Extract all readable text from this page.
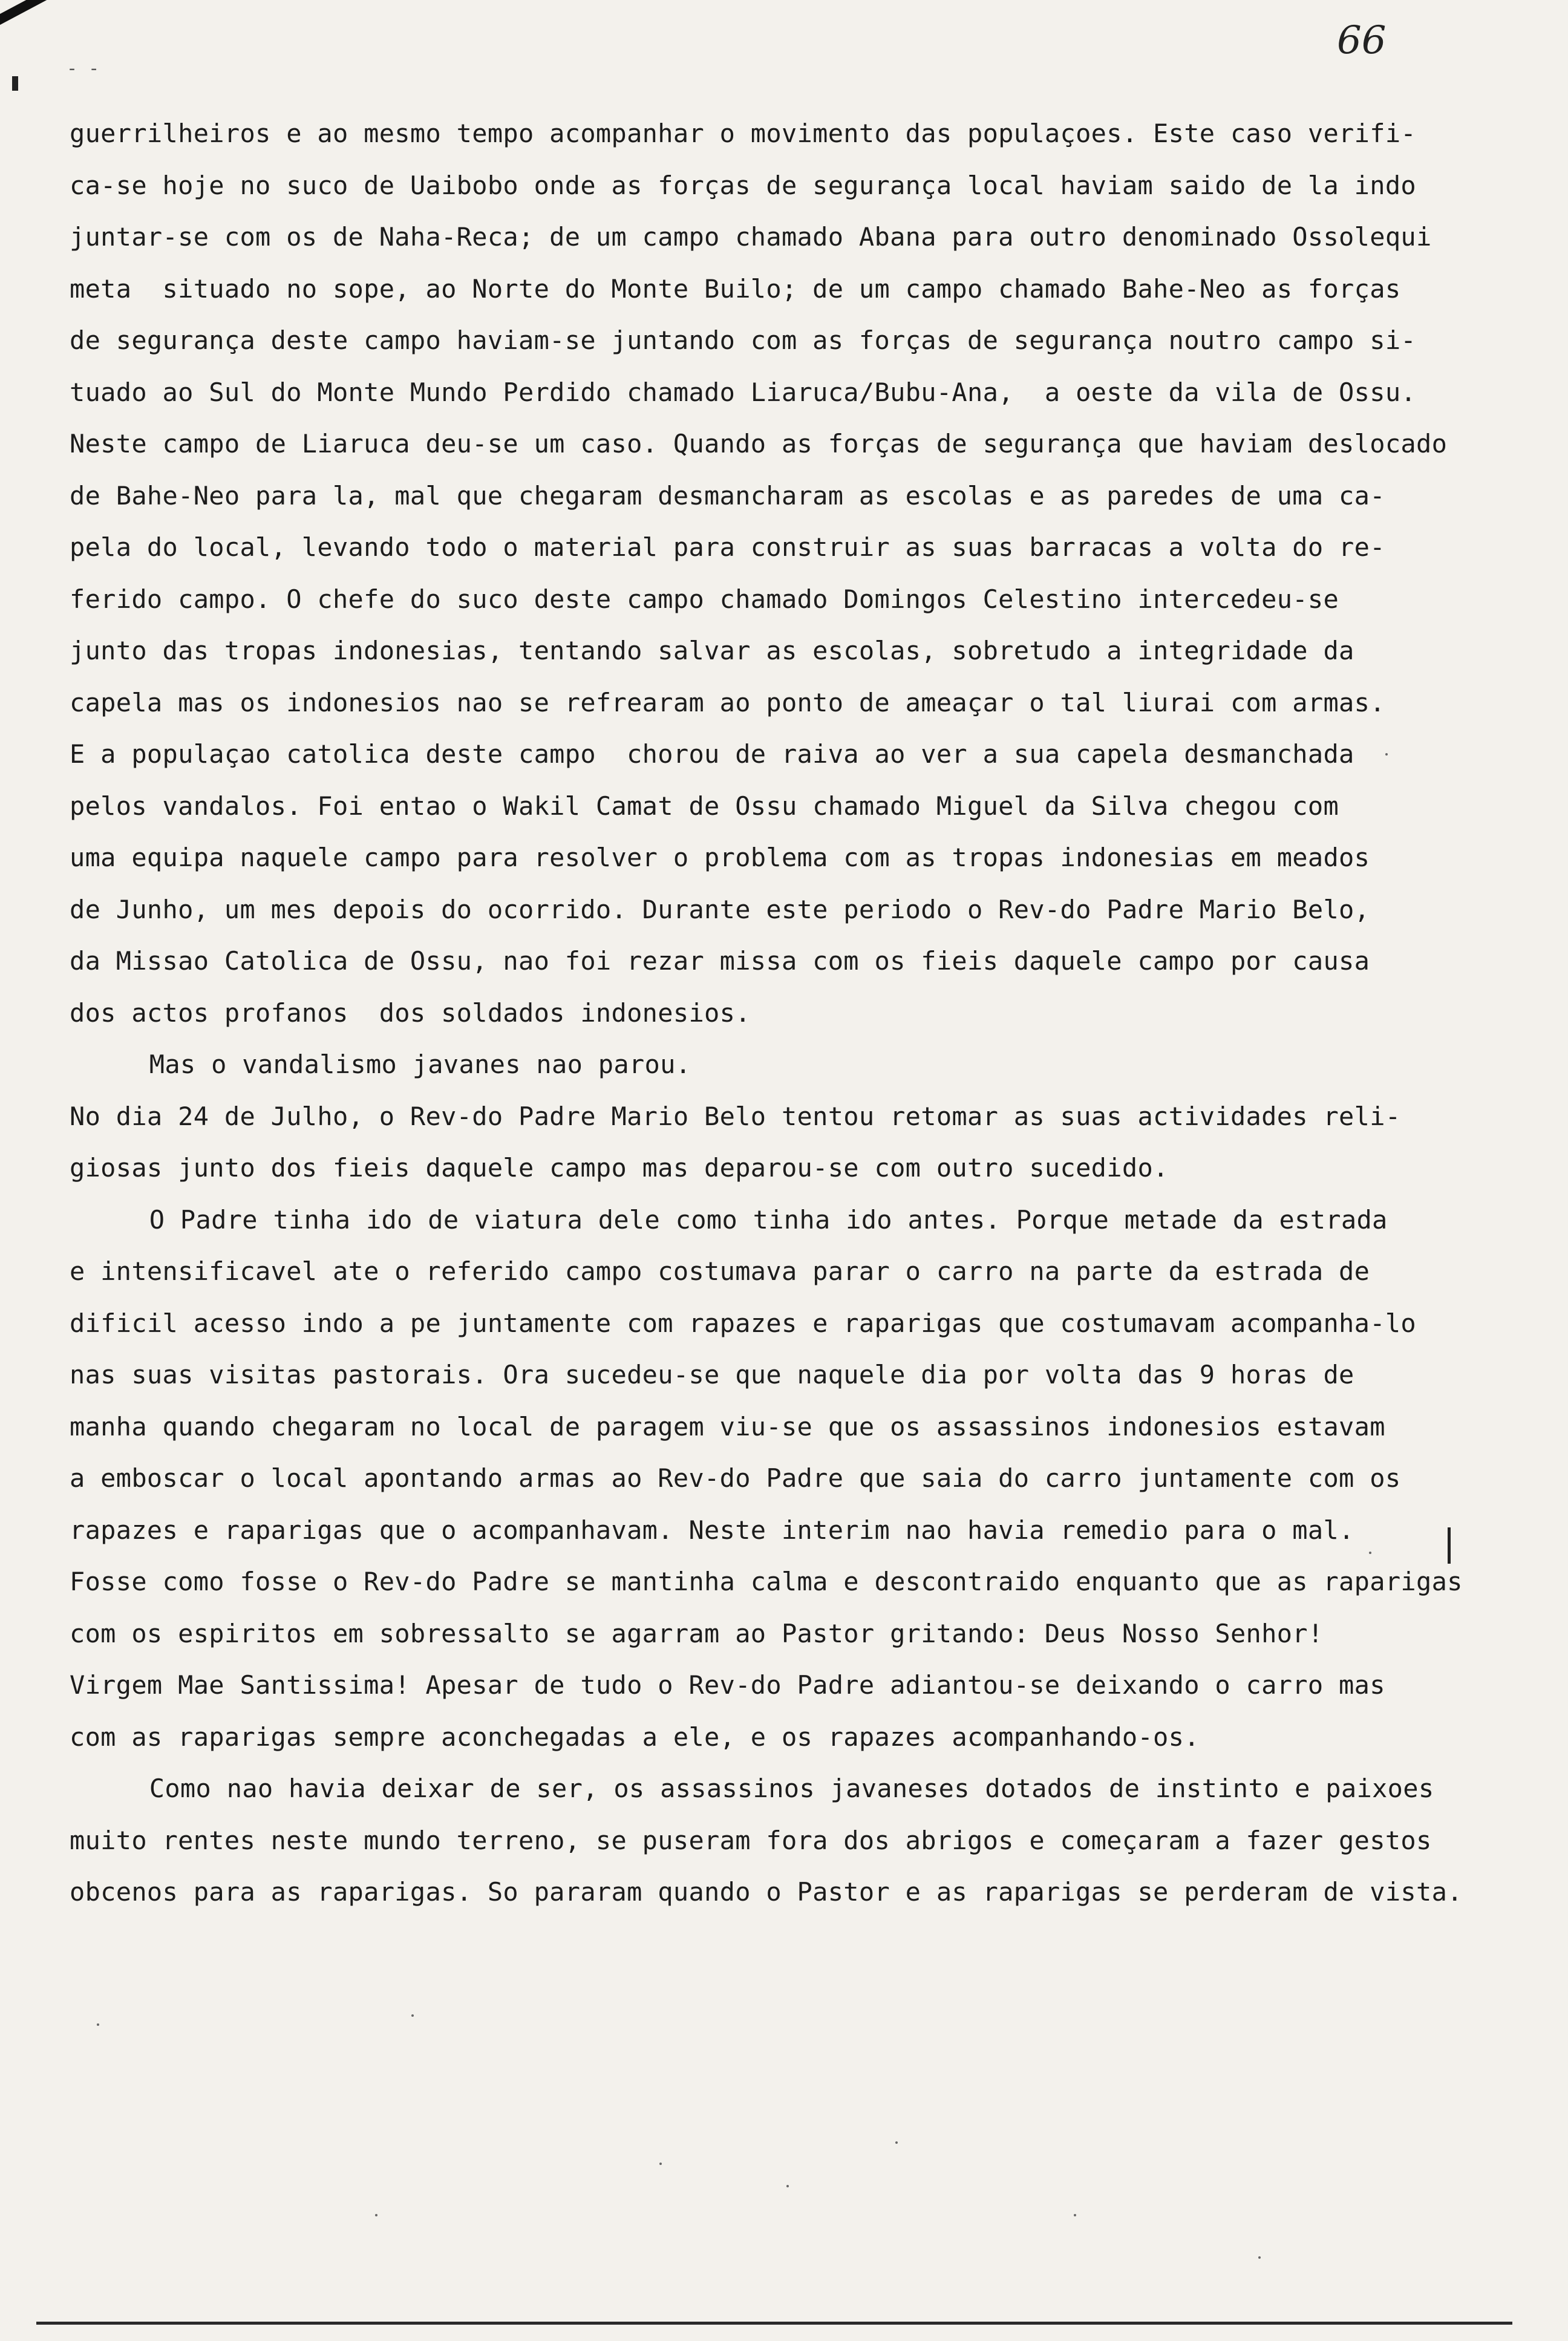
- -
66
guerrilheiros e ao mesmo tempo acompanhar o movimento das populaçoes. Este caso verifi-
ca-se hoje no suco de Uaibobo onde as forças de segurança local haviam saido de la indo
juntar-se com os de Naha-Reca; de um campo chamado Abana para outro denominado Ossolequi
meta  situado no sope, ao Norte do Monte Builo; de um campo chamado Bahe-Neo as forças
de segurança deste campo haviam-se juntando com as forças de segurança noutro campo si-
tuado ao Sul do Monte Mundo Perdido chamado Liaruca/Bubu-Ana,  a oeste da vila de Ossu.
Neste campo de Liaruca deu-se um caso. Quando as forças de segurança que haviam deslocado
de Bahe-Neo para la, mal que chegaram desmancharam as escolas e as paredes de uma ca-
pela do local, levando todo o material para construir as suas barracas a volta do re-
ferido campo. O chefe do suco deste campo chamado Domingos Celestino intercedeu-se
junto das tropas indonesias, tentando salvar as escolas, sobretudo a integridade da
capela mas os indonesios nao se refrearam ao ponto de ameaçar o tal liurai com armas.
E a populaçao catolica deste campo  chorou de raiva ao ver a sua capela desmanchada
pelos vandalos. Foi entao o Wakil Camat de Ossu chamado Miguel da Silva chegou com
uma equipa naquele campo para resolver o problema com as tropas indonesias em meados
de Junho, um mes depois do ocorrido. Durante este periodo o Rev-do Padre Mario Belo,
da Missao Catolica de Ossu, nao foi rezar missa com os fieis daquele campo por causa
dos actos profanos  dos soldados indonesios.
Mas o vandalismo javanes nao parou.
No dia 24 de Julho, o Rev-do Padre Mario Belo tentou retomar as suas actividades reli-
giosas junto dos fieis daquele campo mas deparou-se com outro sucedido.
O Padre tinha ido de viatura dele como tinha ido antes. Porque metade da estrada
e intensificavel ate o referido campo costumava parar o carro na parte da estrada de
dificil acesso indo a pe juntamente com rapazes e raparigas que costumavam acompanha-lo
nas suas visitas pastorais. Ora sucedeu-se que naquele dia por volta das 9 horas de
manha quando chegaram no local de paragem viu-se que os assassinos indonesios estavam
a emboscar o local apontando armas ao Rev-do Padre que saia do carro juntamente com os
rapazes e raparigas que o acompanhavam. Neste interim nao havia remedio para o mal.
Fosse como fosse o Rev-do Padre se mantinha calma e descontraido enquanto que as raparigas
com os espiritos em sobressalto se agarram ao Pastor gritando: Deus Nosso Senhor!
Virgem Mae Santissima! Apesar de tudo o Rev-do Padre adiantou-se deixando o carro mas
com as raparigas sempre aconchegadas a ele, e os rapazes acompanhando-os.
Como nao havia deixar de ser, os assassinos javaneses dotados de instinto e paixoes
muito rentes neste mundo terreno, se puseram fora dos abrigos e começaram a fazer gestos
obcenos para as raparigas. So pararam quando o Pastor e as raparigas se perderam de vista.
